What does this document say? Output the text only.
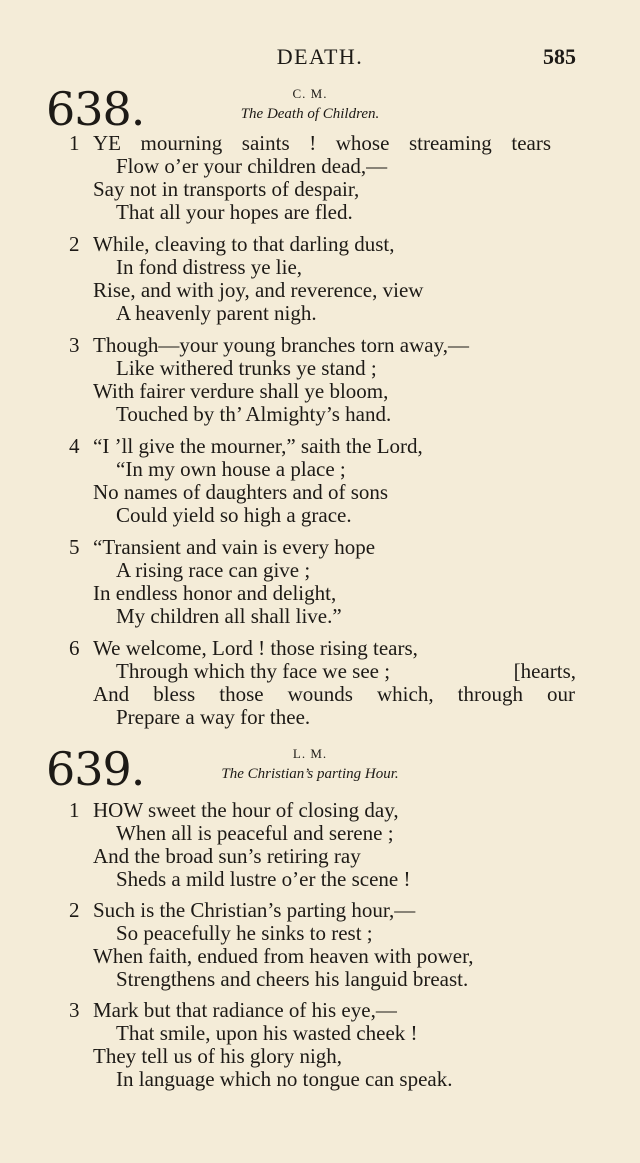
DEATH.	585
638.	C. M.
The Death of Children.
1 YE mourning saints ! whose streaming tears
Flow o’er your children dead,—
Say not in transports of despair,
That all your hopes are fled.
2 While, cleaving to that darling dust,
In fond distress ye lie,
Rise, and with joy, and reverence, view
A heavenly parent nigh.
3 Though—your young branches torn away,—
Like withered trunks ye stand ;
With fairer verdure shall ye bloom,
Touched by th’ Almighty’s hand.
4 “I ’ll give the mourner,” saith the Lord,
“In my own house a place ;
No names of daughters and of sons
Could yield so high a grace.
5 “Transient and vain is every hope
A rising race can give ;
In endless honor and delight,
My children all shall live.”
6 We welcome, Lord ! those rising tears,
Through which thy face we see ;	[hearts,
And bless those wounds which, through our
Prepare a way for thee.
639.	L. M.
The Christian’s parting Hour.
1 HOW sweet the hour of closing day,
When all is peaceful and serene ;
And the broad sun’s retiring ray
Sheds a mild lustre o’er the scene !
2 Such is the Christian’s parting hour,—
So peacefully he sinks to rest ;
When faith, endued from heaven with power,
Strengthens and cheers his languid breast.
3 Mark but that radiance of his eye,—
That smile, upon his wasted cheek !
They tell us of his glory nigh,
In language which no tongue can speak.
